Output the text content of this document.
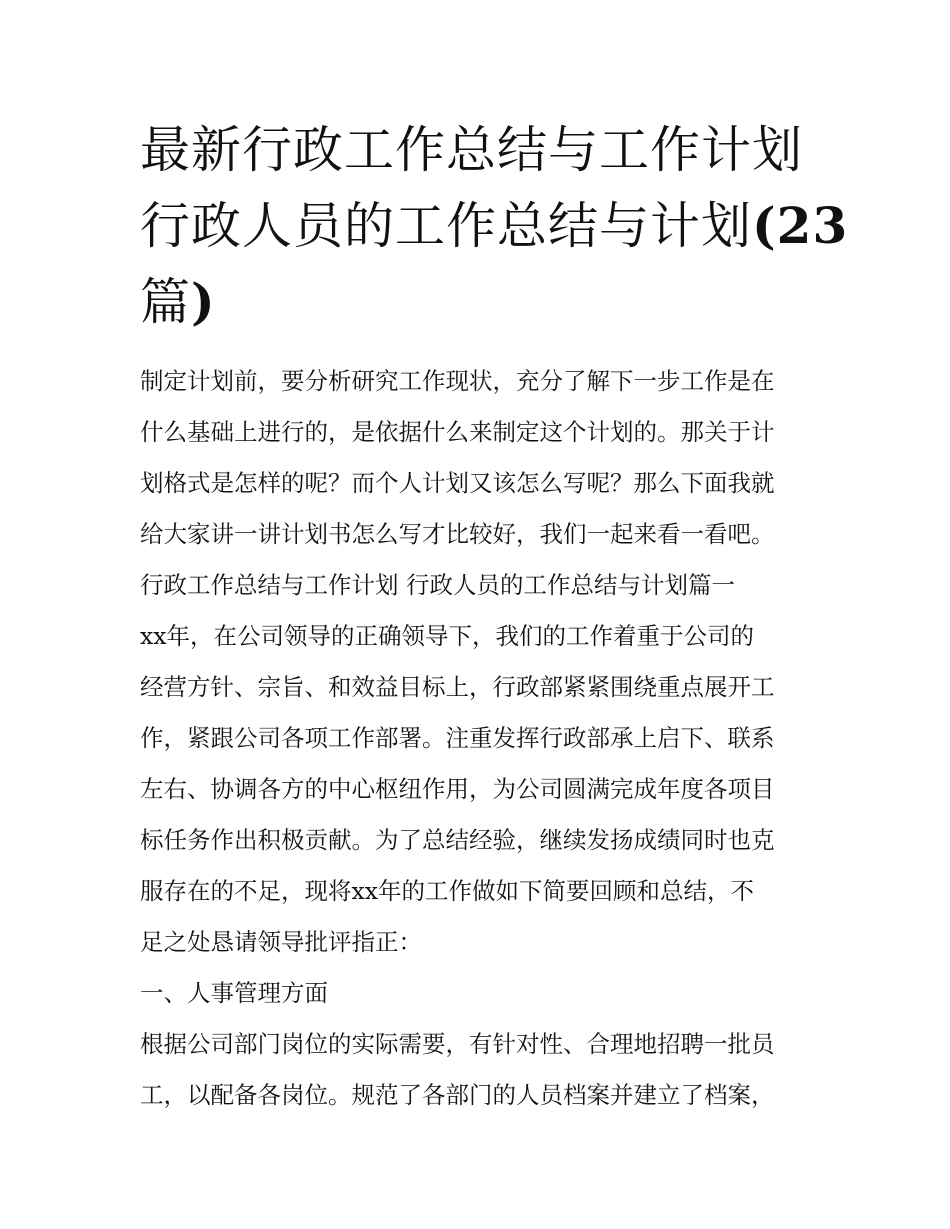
最新行政工作总结与工作计划
行政人员的工作总结与计划(23
篇)
制定计划前，要分析研究工作现状，充分了解下一步工作是在
什么基础上进行的，是依据什么来制定这个计划的。那关于计
划格式是怎样的呢？而个人计划又该怎么写呢？那么下面我就
给大家讲一讲计划书怎么写才比较好，我们一起来看一看吧。
行政工作总结与工作计划 行政人员的工作总结与计划篇一
xx年，在公司领导的正确领导下，我们的工作着重于公司的
经营方针、宗旨、和效益目标上，行政部紧紧围绕重点展开工
作，紧跟公司各项工作部署。注重发挥行政部承上启下、联系
左右、协调各方的中心枢纽作用，为公司圆满完成年度各项目
标任务作出积极贡献。为了总结经验，继续发扬成绩同时也克
服存在的不足，现将xx年的工作做如下简要回顾和总结，不
足之处恳请领导批评指正：
一、人事管理方面
根据公司部门岗位的实际需要，有针对性、合理地招聘一批员
工，以配备各岗位。规范了各部门的人员档案并建立了档案，
